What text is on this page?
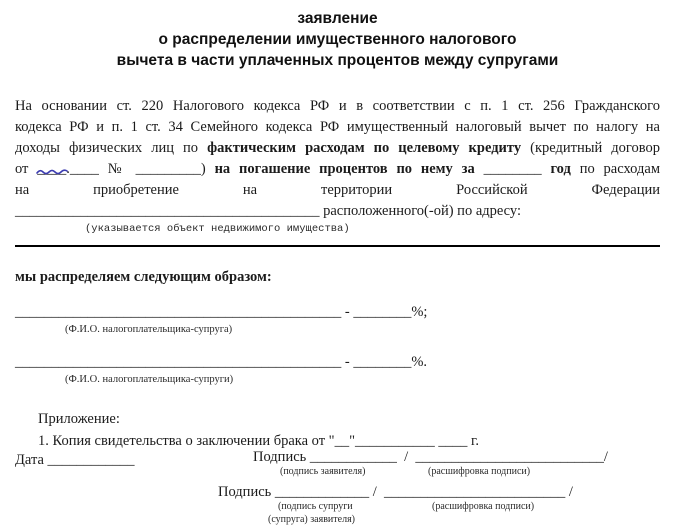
заявление
о распределении имущественного налогового
вычета в части уплаченных процентов между супругами
На основании ст. 220 Налогового кодекса РФ и в соответствии с п. 1 ст. 256 Гражданского
кодекса РФ и п. 1 ст. 34 Семейного кодекса РФ имущественный налоговый вычет по налогу на
доходы физических лиц по фактическим расходам по целевому кредиту (кредитный договор
от ____.____ № _________) на погашение процентов по нему за ________ год по расходам
на приобретение на территории Российской Федерации
__________________________________________ расположенного(-ой) по адресу:
(указывается объект недвижимого имущества)
мы распределяем следующим образом:
_____________________________________________ - ________%;
(Ф.И.О. налогоплательщика-супруга)
_____________________________________________ - ________%.
(Ф.И.О. налогоплательщика-супруги)
Приложение:
1. Копия свидетельства о заключении брака от "__"___________ ____ г.
Дата ____________	Подпись ____________  /  __________________________/
(подпись заявителя)	(расшифровка подписи)
Подпись _____________ /  _________________________ /
(подпись супруги
(супруга) заявителя)
(расшифровка подписи)
